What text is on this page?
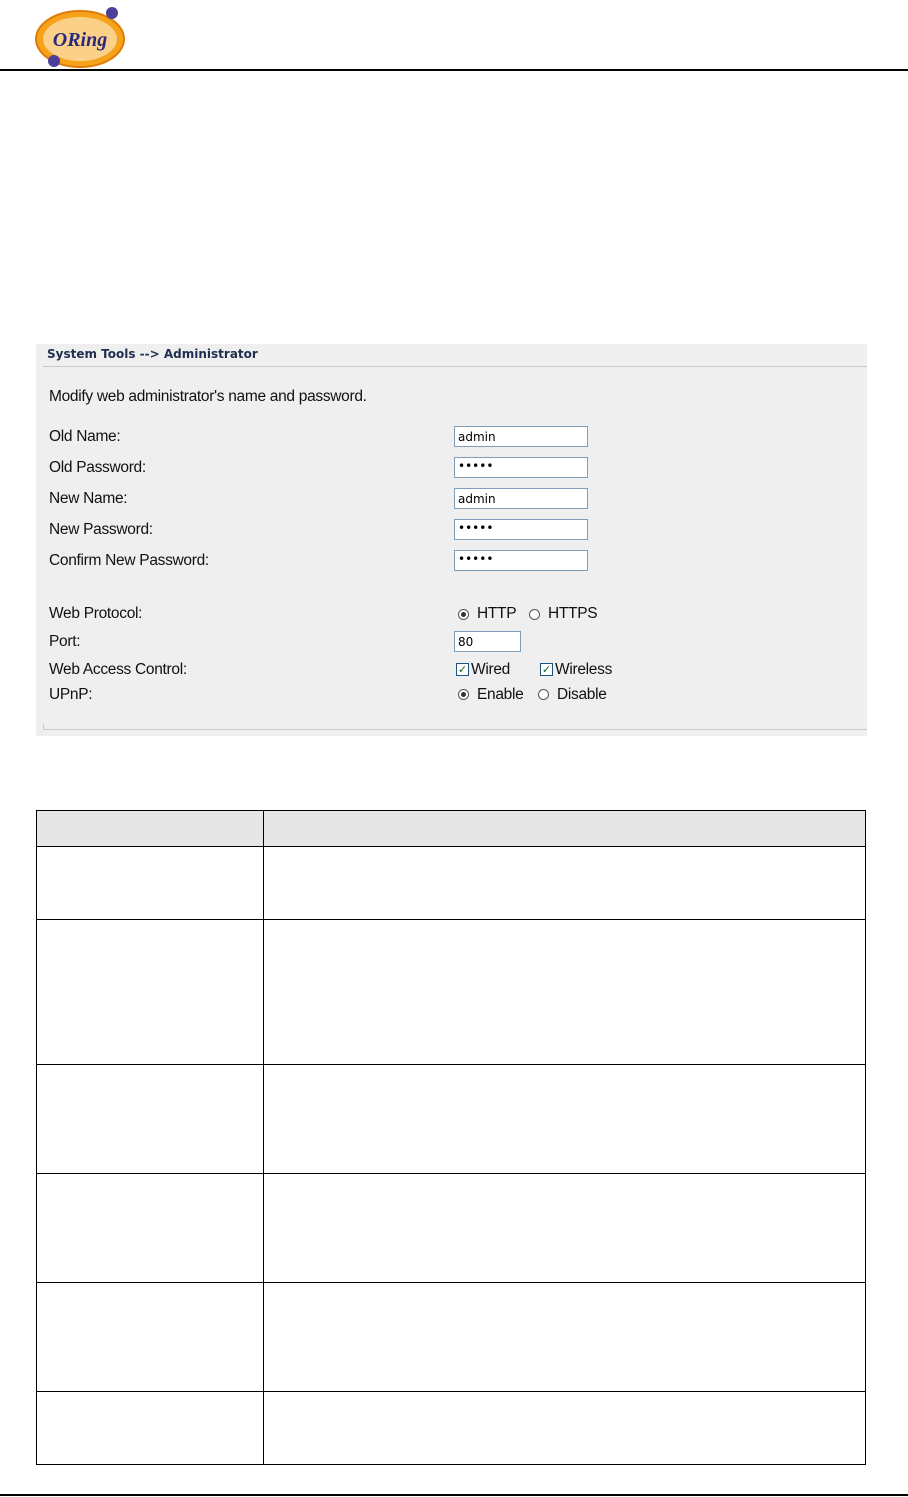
ORing
System Tools --> Administrator
Modify web administrator's name and password.
Old Name:	admin
Old Password:	•••••
New Name:	admin
New Password:	•••••
Confirm New Password:	•••••
Web Protocol:	HTTP HTTPS
Port:	80
Web Access Control:	✓ Wired	✓ Wireless
UPnP:	Enable Disable
